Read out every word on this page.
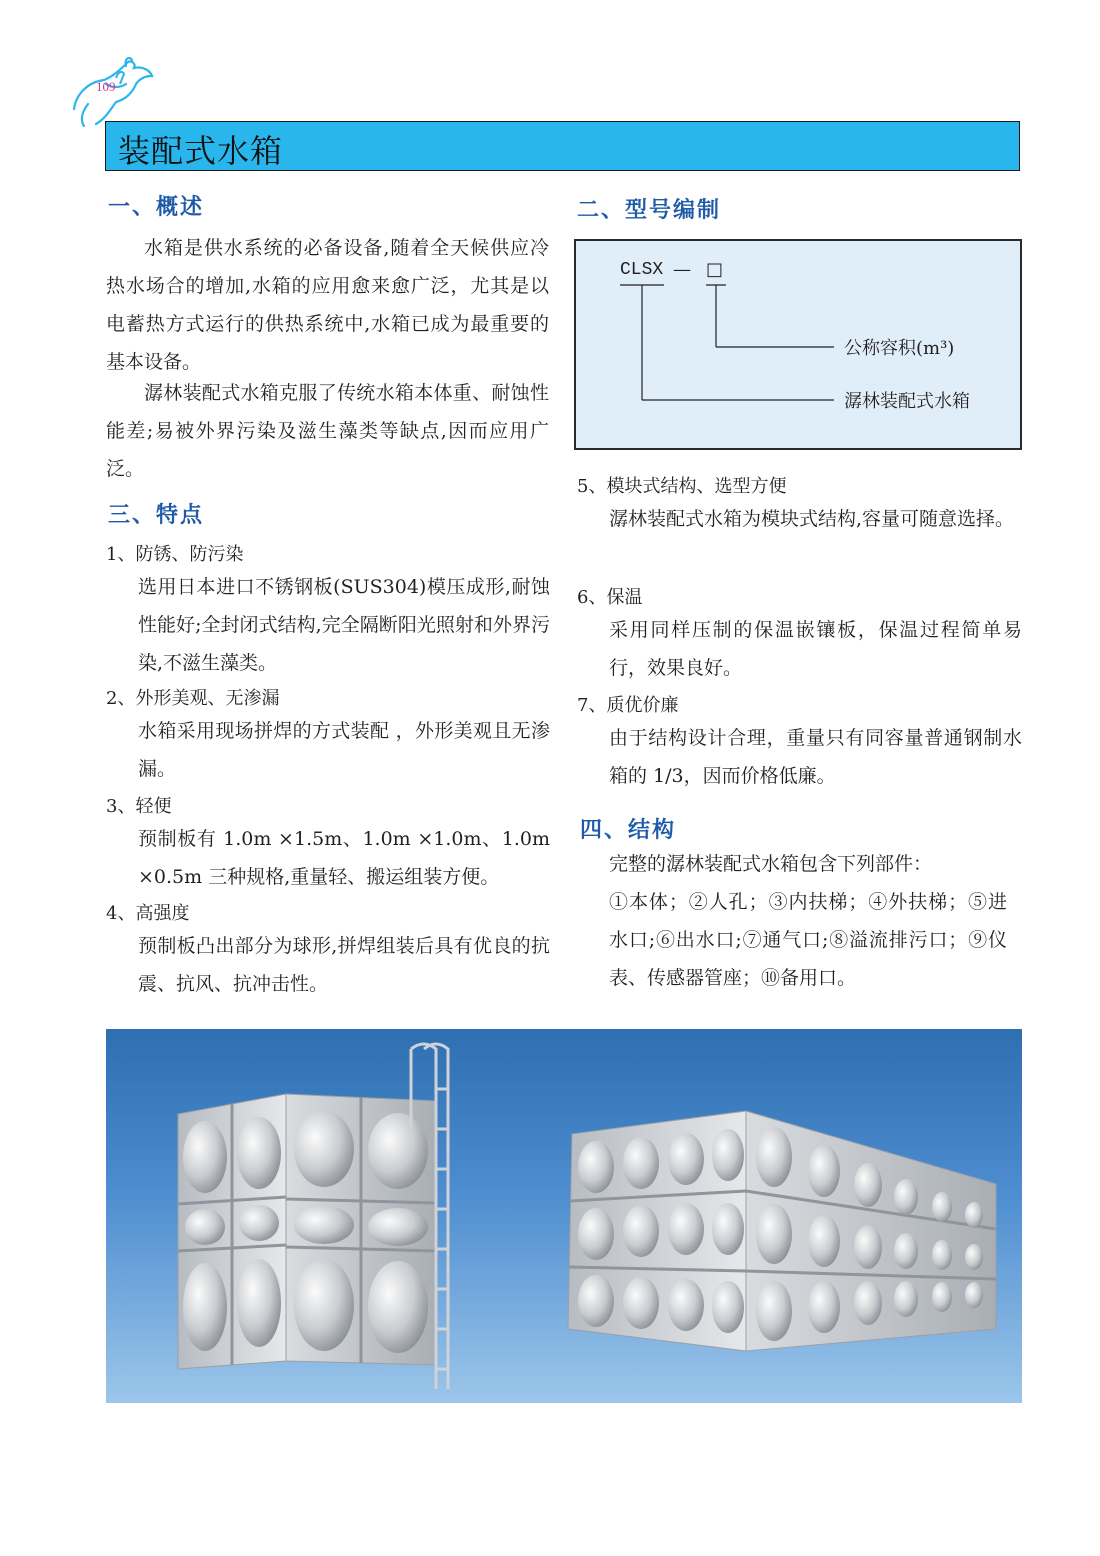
109
装配式水箱
一、概述
水箱是供水系统的必备设备,随着全天候供应冷热水场合的增加,水箱的应用愈来愈广泛，尤其是以电蓄热方式运行的供热系统中,水箱已成为最重要的基本设备。
潺林装配式水箱克服了传统水箱本体重、耐蚀性能差;易被外界污染及滋生藻类等缺点,因而应用广泛。
三、特点
1、防锈、防污染
选用日本进口不锈钢板(SUS304)模压成形,耐蚀性能好;全封闭式结构,完全隔断阳光照射和外界污染,不滋生藻类。
2、外形美观、无渗漏
水箱采用现场拼焊的方式装配 ，外形美观且无渗漏。
3、轻便
预制板有 1.0m ×1.5m、1.0m ×1.0m、1.0m ×0.5m 三种规格,重量轻、搬运组装方便。
4、高强度
预制板凸出部分为球形,拼焊组装后具有优良的抗震、抗风、抗冲击性。
二、型号编制
CLSX — □
公称容积(m³)
潺林装配式水箱
5、模块式结构、选型方便
潺林装配式水箱为模块式结构,容量可随意选择。
6、保温
采用同样压制的保温嵌镶板，保温过程简单易行，效果良好。
7、质优价廉
由于结构设计合理，重量只有同容量普通钢制水箱的 1/3，因而价格低廉。
四、结构
完整的潺林装配式水箱包含下列部件：
①本体；②人孔；③内扶梯；④外扶梯；⑤进水口;⑥出水口;⑦通气口;⑧溢流排污口；⑨仪表、传感器管座；⑩备用口。
